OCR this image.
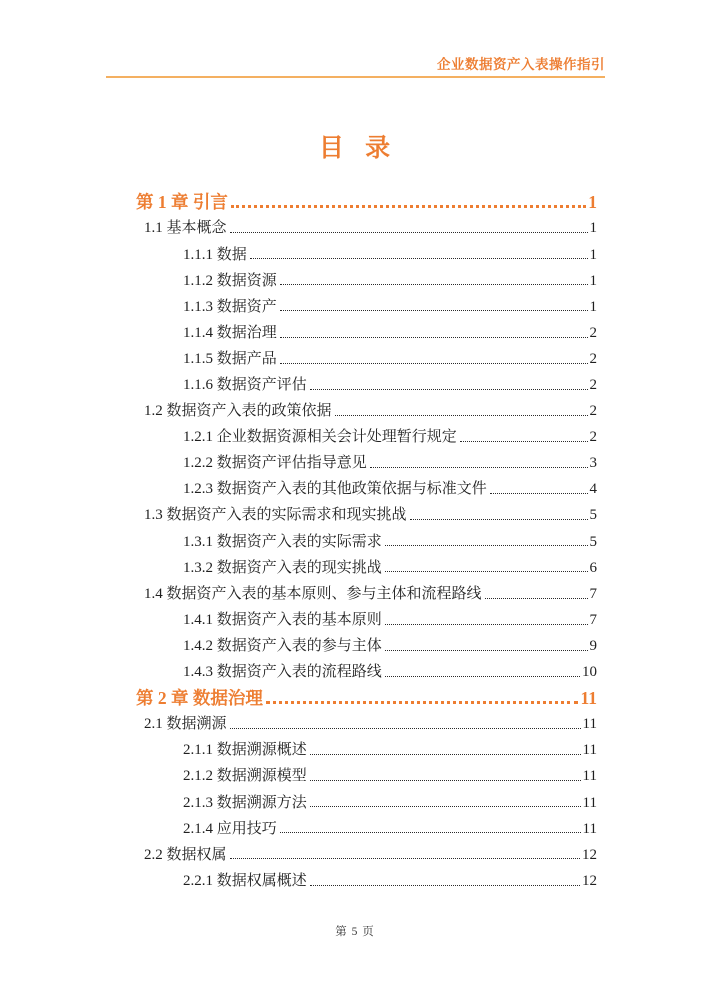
企业数据资产入表操作指引
目 录
第 1 章 引言	1
1.1 基本概念	1
1.1.1 数据	1
1.1.2 数据资源	1
1.1.3 数据资产	1
1.1.4 数据治理	2
1.1.5 数据产品	2
1.1.6 数据资产评估	2
1.2 数据资产入表的政策依据	2
1.2.1 企业数据资源相关会计处理暂行规定	2
1.2.2 数据资产评估指导意见	3
1.2.3 数据资产入表的其他政策依据与标准文件	4
1.3 数据资产入表的实际需求和现实挑战	5
1.3.1 数据资产入表的实际需求	5
1.3.2 数据资产入表的现实挑战	6
1.4 数据资产入表的基本原则、参与主体和流程路线	7
1.4.1 数据资产入表的基本原则	7
1.4.2 数据资产入表的参与主体	9
1.4.3 数据资产入表的流程路线	10
第 2 章 数据治理	11
2.1 数据溯源	11
2.1.1 数据溯源概述	11
2.1.2 数据溯源模型	11
2.1.3 数据溯源方法	11
2.1.4 应用技巧	11
2.2 数据权属	12
2.2.1 数据权属概述	12
第 5 页
